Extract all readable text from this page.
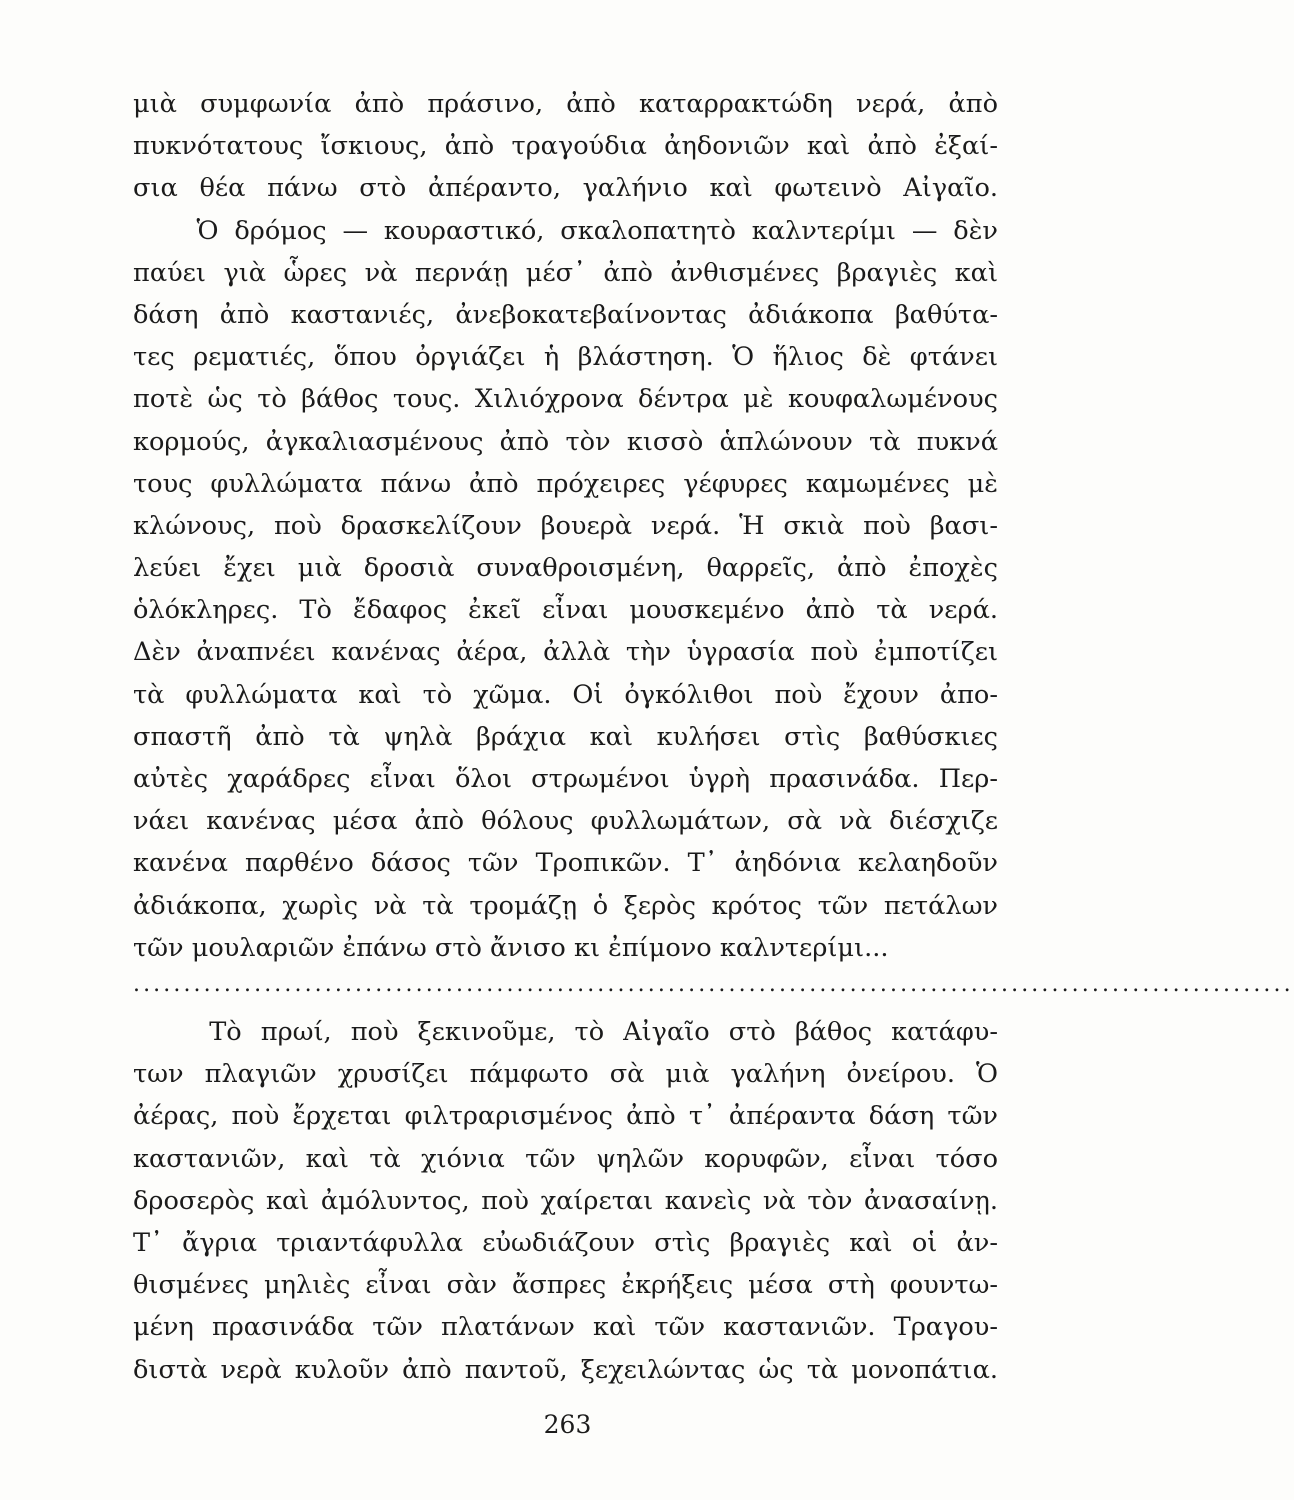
μιὰ συμφωνία ἀπὸ πράσινο, ἀπὸ καταρρακτώδη νερά, ἀπὸ
πυκνότατους ἴσκιους, ἀπὸ τραγούδια ἀηδονιῶν καὶ ἀπὸ ἐξαί-
σια θέα πάνω στὸ ἀπέραντο, γαλήνιο καὶ φωτεινὸ Αἰγαῖο.
Ὁ δρόμος — κουραστικό, σκαλοπατητὸ καλντερίμι — δὲν
παύει γιὰ ὧρες νὰ περνάῃ μέσ᾿ ἀπὸ ἀνθισμένες βραγιὲς καὶ
δάση ἀπὸ καστανιές, ἀνεβοκατεβαίνοντας ἀδιάκοπα βαθύτα-
τες ρεματιές, ὅπου ὀργιάζει ἡ βλάστηση. Ὁ ἥλιος δὲ φτάνει
ποτὲ ὡς τὸ βάθος τους. Χιλιόχρονα δέντρα μὲ κουφαλωμένους
κορμούς, ἀγκαλιασμένους ἀπὸ τὸν κισσὸ ἁπλώνουν τὰ πυκνά
τους φυλλώματα πάνω ἀπὸ πρόχειρες γέφυρες καμωμένες μὲ
κλώνους, ποὺ δρασκελίζουν βουερὰ νερά. Ἡ σκιὰ ποὺ βασι-
λεύει ἔχει μιὰ δροσιὰ συναθροισμένη, θαρρεῖς, ἀπὸ ἐποχὲς
ὁλόκληρες. Τὸ ἔδαφος ἐκεῖ εἶναι μουσκεμένο ἀπὸ τὰ νερά.
Δὲν ἀναπνέει κανένας ἀέρα, ἀλλὰ τὴν ὑγρασία ποὺ ἐμποτίζει
τὰ φυλλώματα καὶ τὸ χῶμα. Οἱ ὀγκόλιθοι ποὺ ἔχουν ἀπο-
σπαστῆ ἀπὸ τὰ ψηλὰ βράχια καὶ κυλήσει στὶς βαθύσκιες
αὐτὲς χαράδρες εἶναι ὅλοι στρωμένοι ὑγρὴ πρασινάδα. Περ-
νάει κανένας μέσα ἀπὸ θόλους φυλλωμάτων, σὰ νὰ διέσχιζε
κανένα παρθένο δάσος τῶν Τροπικῶν. Τ᾿ ἀηδόνια κελαηδοῦν
ἀδιάκοπα, χωρὶς νὰ τὰ τρομάζῃ ὁ ξερὸς κρότος τῶν πετάλων
τῶν μουλαριῶν ἐπάνω στὸ ἄνισο κι ἐπίμονο καλντερίμι...
...................................................................................................................
Τὸ πρωί, ποὺ ξεκινοῦμε, τὸ Αἰγαῖο στὸ βάθος κατάφυ-
των πλαγιῶν χρυσίζει πάμφωτο σὰ μιὰ γαλήνη ὀνείρου. Ὁ
ἀέρας, ποὺ ἔρχεται φιλτραρισμένος ἀπὸ τ᾿ ἀπέραντα δάση τῶν
καστανιῶν, καὶ τὰ χιόνια τῶν ψηλῶν κορυφῶν, εἶναι τόσο
δροσερὸς καὶ ἀμόλυντος, ποὺ χαίρεται κανεὶς νὰ τὸν ἀνασαίνῃ.
Τ᾿ ἄγρια τριαντάφυλλα εὐωδιάζουν στὶς βραγιὲς καὶ οἱ ἀν-
θισμένες μηλιὲς εἶναι σὰν ἄσπρες ἐκρήξεις μέσα στὴ φουντω-
μένη πρασινάδα τῶν πλατάνων καὶ τῶν καστανιῶν. Τραγου-
διστὰ νερὰ κυλοῦν ἀπὸ παντοῦ, ξεχειλώντας ὡς τὰ μονοπάτια.
263
